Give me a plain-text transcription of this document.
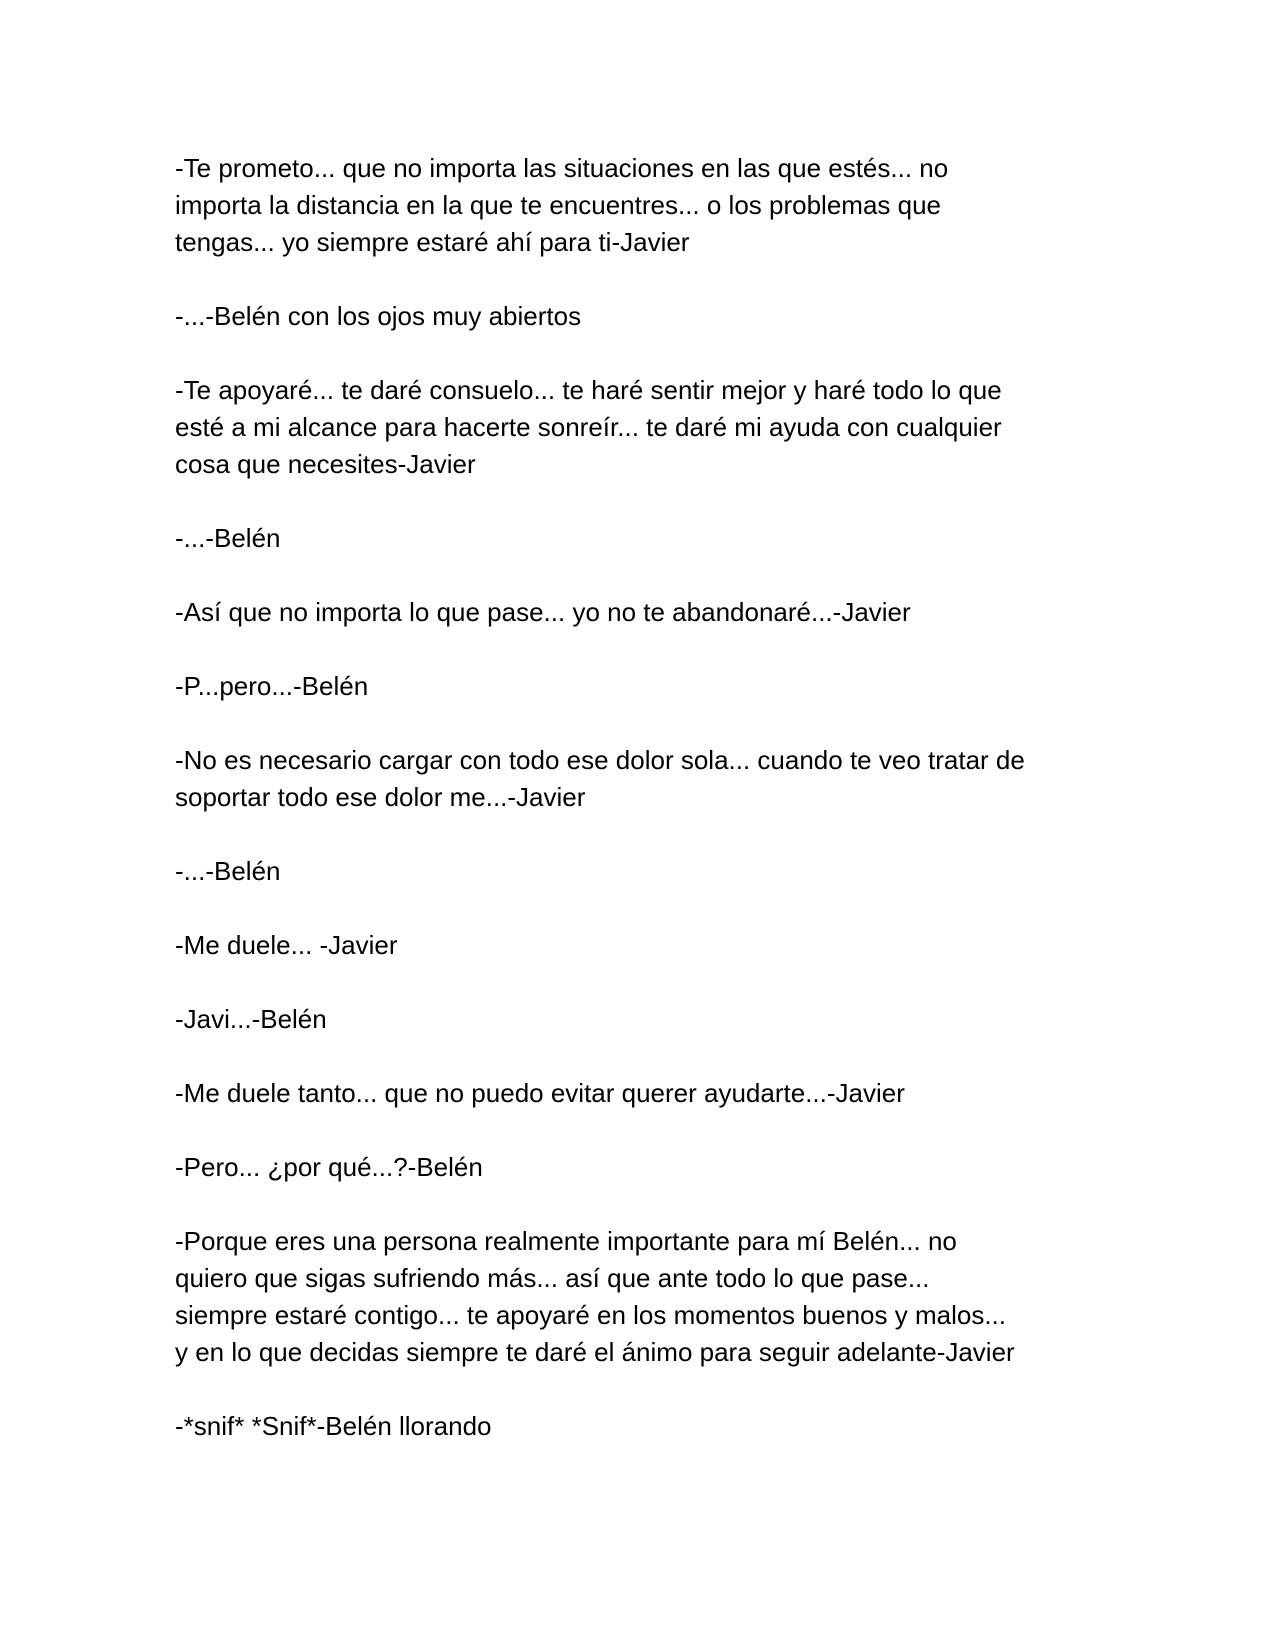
-Te prometo... que no importa las situaciones en las que estés... no
importa la distancia en la que te encuentres... o los problemas que
tengas... yo siempre estaré ahí para ti-Javier

-...-Belén con los ojos muy abiertos

-Te apoyaré... te daré consuelo... te haré sentir mejor y haré todo lo que
esté a mi alcance para hacerte sonreír... te daré mi ayuda con cualquier
cosa que necesites-Javier

-...-Belén

-Así que no importa lo que pase... yo no te abandonaré...-Javier

-P...pero...-Belén

-No es necesario cargar con todo ese dolor sola... cuando te veo tratar de
soportar todo ese dolor me...-Javier

-...-Belén

-Me duele... -Javier

-Javi...-Belén

-Me duele tanto... que no puedo evitar querer ayudarte...-Javier

-Pero... ¿por qué...?-Belén

-Porque eres una persona realmente importante para mí Belén... no
quiero que sigas sufriendo más... así que ante todo lo que pase...
siempre estaré contigo... te apoyaré en los momentos buenos y malos...
y en lo que decidas siempre te daré el ánimo para seguir adelante-Javier

-*snif* *Snif*-Belén llorando
